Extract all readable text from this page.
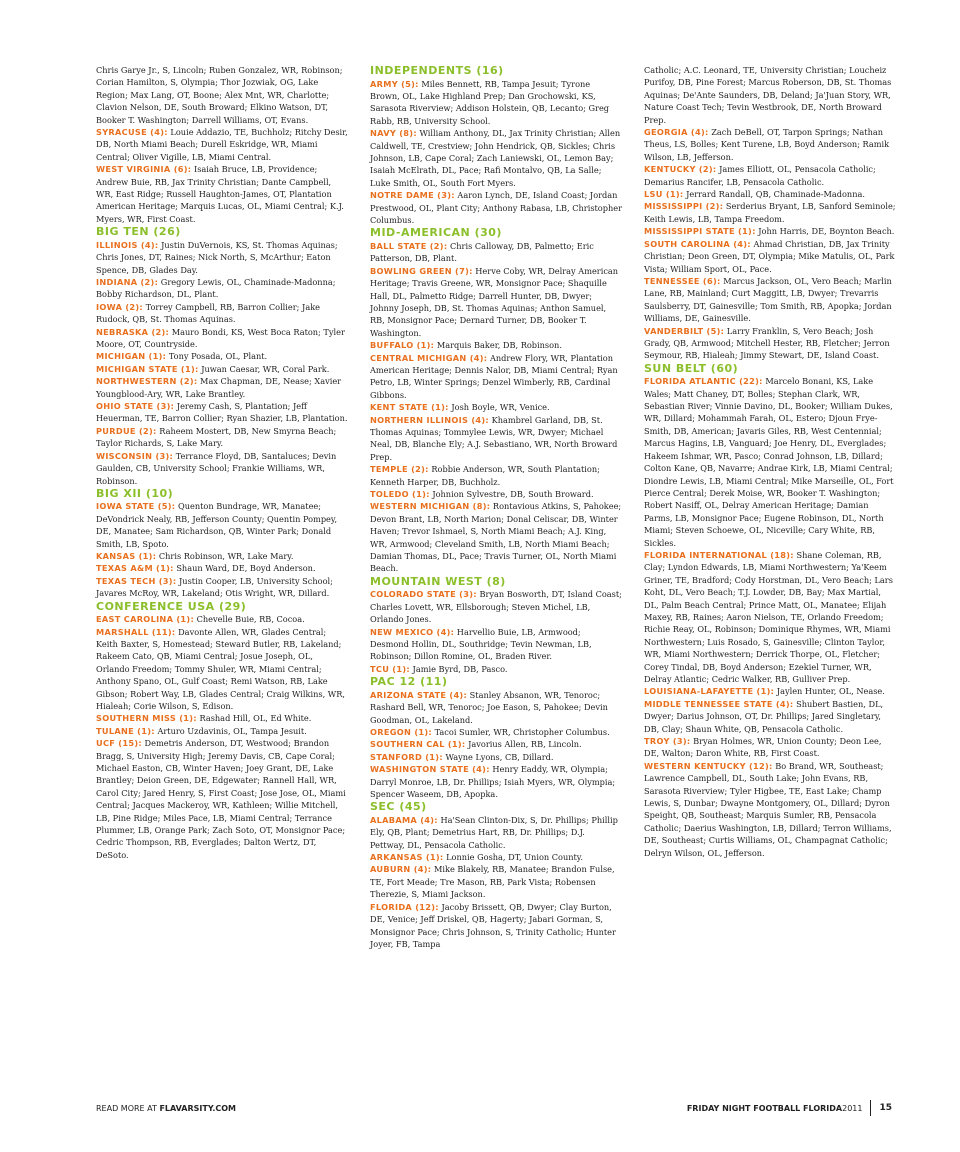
Chris Garye Jr., S, Lincoln; Ruben Gonzalez, WR, Robinson; Corian Hamilton, S, Olympia; Thor Jozwiak, OG, Lake Region; Max Lang, OT, Boone; Alex Mnt, WR, Charlotte; Clavion Nelson, DE, South Broward; Elkino Watson, DT, Booker T. Washington; Darrell Williams, OT, Evans.

SYRACUSE (4): Louie Addazio, TE, Buchholz; Ritchy Desir, DB, North Miami Beach; Durell Eskridge, WR, Miami Central; Oliver Vigille, LB, Miami Central.

WEST VIRGINIA (6): Isaiah Bruce, LB, Providence; Andrew Buie, RB, Jax Trinity Christian; Dante Campbell, WR, East Ridge; Russell Haughton-James, OT, Plantation American Heritage; Marquis Lucas, OL, Miami Central; K.J. Myers, WR, First Coast.

BIG TEN (26)

ILLINOIS (4): Justin DuVernois, KS, St. Thomas Aquinas; Chris Jones, DT, Raines; Nick North, S, McArthur; Eaton Spence, DB, Glades Day.

INDIANA (2): Gregory Lewis, OL, Chaminade-Madonna; Bobby Richardson, DL, Plant.

IOWA (2): Torrey Campbell, RB, Barron Collier; Jake Rudock, QB, St. Thomas Aquinas.

NEBRASKA (2): Mauro Bondi, KS, West Boca Raton; Tyler Moore, OT, Countryside.

MICHIGAN (1): Tony Posada, OL, Plant.

MICHIGAN STATE (1): Juwan Caesar, WR, Coral Park.

NORTHWESTERN (2): Max Chapman, DE, Nease; Xavier Youngblood-Ary, WR, Lake Brantley.

OHIO STATE (3): Jeremy Cash, S, Plantation; Jeff Heuerman, TE, Barron Collier; Ryan Shazier, LB, Plantation.

PURDUE (2): Raheem Mostert, DB, New Smyrna Beach; Taylor Richards, S, Lake Mary.

WISCONSIN (3): Terrance Floyd, DB, Santaluces; Devin Gaulden, CB, University School; Frankie Williams, WR, Robinson.

BIG XII (10)

IOWA STATE (5): Quenton Bundrage, WR, Manatee; DeVondrick Nealy, RB, Jefferson County; Quentin Pompey, DE, Manatee; Sam Richardson, QB, Winter Park; Donald Smith, LB, Spoto.

KANSAS (1): Chris Robinson, WR, Lake Mary.

TEXAS A&M (1): Shaun Ward, DE, Boyd Anderson.

TEXAS TECH (3): Justin Cooper, LB, University School; Javares McRoy, WR, Lakeland; Otis Wright, WR, Dillard.

CONFERENCE USA (29)

EAST CAROLINA (1): Chevelle Buie, RB, Cocoa.

MARSHALL (11): Davonte Allen, WR, Glades Central; Keith Baxter, S, Homestead; Steward Butler, RB, Lakeland; Rakeem Cato, QB, Miami Central; Josue Joseph, OL, Orlando Freedom; Tommy Shuler, WR, Miami Central; Anthony Spano, OL, Gulf Coast; Remi Watson, RB, Lake Gibson; Robert Way, LB, Glades Central; Craig Wilkins, WR, Hialeah; Corie Wilson, S, Edison.

SOUTHERN MISS (1): Rashad Hill, OL, Ed White.

TULANE (1): Arturo Uzdavinis, OL, Tampa Jesuit.

UCF (15): Demetris Anderson, DT, Westwood; Brandon Bragg, S, University High; Jeremy Davis, CB, Cape Coral; Michael Easton, CB, Winter Haven; Joey Grant, DE, Lake Brantley; Deion Green, DE, Edgewater; Rannell Hall, WR, Carol City; Jared Henry, S, First Coast; Jose Jose, OL, Miami Central; Jacques Mackeroy, WR, Kathleen; Willie Mitchell, LB, Pine Ridge; Miles Pace, LB, Miami Central; Terrance Plummer, LB, Orange Park; Zach Soto, OT, Monsignor Pace; Cedric Thompson, RB, Everglades; Dalton Wertz, DT, DeSoto.

INDEPENDENTS (16)

ARMY (5): Miles Bennett, RB, Tampa Jesuit; Tyrone Brown, OL, Lake Highland Prep; Dan Grochowski, KS, Sarasota Riverview; Addison Holstein, QB, Lecanto; Greg Rabb, RB, University School.

NAVY (8): William Anthony, DL, Jax Trinity Christian; Allen Caldwell, TE, Crestview; John Hendrick, QB, Sickles; Chris Johnson, LB, Cape Coral; Zach Laniewski, OL, Lemon Bay; Isaiah McElrath, DL, Pace; Rafi Montalvo, QB, La Salle; Luke Smith, OL, South Fort Myers.

NOTRE DAME (3): Aaron Lynch, DE, Island Coast; Jordan Prestwood, OL, Plant City; Anthony Rabasa, LB, Christopher Columbus.

MID-AMERICAN (30)

BALL STATE (2): Chris Calloway, DB, Palmetto; Eric Patterson, DB, Plant.

BOWLING GREEN (7): Herve Coby, WR, Delray American Heritage; Travis Greene, WR, Monsignor Pace; Shaquille Hall, DL, Palmetto Ridge; Darrell Hunter, DB, Dwyer; Johnny Joseph, DB, St. Thomas Aquinas; Anthon Samuel, RB, Monsignor Pace; Dernard Turner, DB, Booker T. Washington.

BUFFALO (1): Marquis Baker, DB, Robinson.

CENTRAL MICHIGAN (4): Andrew Flory, WR, Plantation American Heritage; Dennis Nalor, DB, Miami Central; Ryan Petro, LB, Winter Springs; Denzel Wimberly, RB, Cardinal Gibbons.

KENT STATE (1): Josh Boyle, WR, Venice.

NORTHERN ILLINOIS (4): Khambrel Garland, DB, St. Thomas Aquinas; Tommylee Lewis, WR, Dwyer; Michael Neal, DB, Blanche Ely; A.J. Sebastiano, WR, North Broward Prep.

TEMPLE (2): Robbie Anderson, WR, South Plantation; Kenneth Harper, DB, Buchholz.

TOLEDO (1): Johnion Sylvestre, DB, South Broward.

WESTERN MICHIGAN (8): Rontavious Atkins, S, Pahokee; Devon Brant, LB, North Marion; Donal Celiscar, DB, Winter Haven; Trevor Ishmael, S, North Miami Beach; A.J. King, WR, Armwood; Cleveland Smith, LB, North Miami Beach; Damian Thomas, DL, Pace; Travis Turner, OL, North Miami Beach.

MOUNTAIN WEST (8)

COLORADO STATE (3): Bryan Bosworth, DT, Island Coast; Charles Lovett, WR, Ellsborough; Steven Michel, LB, Orlando Jones.

NEW MEXICO (4): Harvellio Buie, LB, Armwood; Desmond Hollin, DL, Southridge; Tevin Newman, LB, Robinson; Dillon Romine, OL, Braden River.

TCU (1): Jamie Byrd, DB, Pasco.

PAC 12 (11)

ARIZONA STATE (4): Stanley Absanon, WR, Tenoroc; Rashard Bell, WR, Tenoroc; Joe Eason, S, Pahokee; Devin Goodman, OL, Lakeland.

OREGON (1): Tacoi Sumler, WR, Christopher Columbus.

SOUTHERN CAL (1): Javorius Allen, RB, Lincoln.

STANFORD (1): Wayne Lyons, CB, Dillard.

WASHINGTON STATE (4): Henry Eaddy, WR, Olympia; Darryl Monroe, LB, Dr. Phillips; Isiah Myers, WR, Olympia; Spencer Waseem, DB, Apopka.

SEC (45)

ALABAMA (4): Ha'Sean Clinton-Dix, S, Dr. Phillips; Phillip Ely, QB, Plant; Demetrius Hart, RB, Dr. Phillips; D.J. Pettway, DL, Pensacola Catholic.

ARKANSAS (1): Lonnie Gosha, DT, Union County.

AUBURN (4): Mike Blakely, RB, Manatee; Brandon Fulse, TE, Fort Meade; Tre Mason, RB, Park Vista; Robensen Therezie, S, Miami Jackson.

FLORIDA (12): Jacoby Brissett, QB, Dwyer; Clay Burton, DE, Venice; Jeff Driskel, QB, Hagerty; Jabari Gorman, S, Monsignor Pace; Chris Johnson, S, Trinity Catholic; Hunter Joyer, FB, Tampa

Catholic; A.C. Leonard, TE, University Christian; Loucheiz Purifoy, DB, Pine Forest; Marcus Roberson, DB, St. Thomas Aquinas; De'Ante Saunders, DB, Deland; Ja'Juan Story, WR, Nature Coast Tech; Tevin Westbrook, DE, North Broward Prep.

GEORGIA (4): Zach DeBell, OT, Tarpon Springs; Nathan Theus, LS, Bolles; Kent Turene, LB, Boyd Anderson; Ramik Wilson, LB, Jefferson.

KENTUCKY (2): James Elliott, OL, Pensacola Catholic; Demarius Rancifer, LB, Pensacola Catholic.

LSU (1): Jerrard Randall, QB, Chaminade-Madonna.

MISSISSIPPI (2): Serderius Bryant, LB, Sanford Seminole; Keith Lewis, LB, Tampa Freedom.

MISSISSIPPI STATE (1): John Harris, DE, Boynton Beach.

SOUTH CAROLINA (4): Ahmad Christian, DB, Jax Trinity Christian; Deon Green, DT, Olympia; Mike Matulis, OL, Park Vista; William Sport, OL, Pace.

TENNESSEE (6): Marcus Jackson, OL, Vero Beach; Marlin Lane, RB, Mainland; Curt Maggitt, LB, Dwyer; Trevarris Saulsberry, DT, Gainesville; Tom Smith, RB, Apopka; Jordan Williams, DE, Gainesville.

VANDERBILT (5): Larry Franklin, S, Vero Beach; Josh Grady, QB, Armwood; Mitchell Hester, RB, Fletcher; Jerron Seymour, RB, Hialeah; Jimmy Stewart, DE, Island Coast.

SUN BELT (60)

FLORIDA ATLANTIC (22): Marcelo Bonani, KS, Lake Wales; Matt Chaney, DT, Bolles; Stephan Clark, WR, Sebastian River; Vinnie Davino, DL, Booker; William Dukes, WR, Dillard; Mohammah Farah, OL, Estero; Djoun Frye-Smith, DB, American; Javaris Giles, RB, West Centennial; Marcus Hagins, LB, Vanguard; Joe Henry, DL, Everglades; Hakeem Ishmar, WR, Pasco; Conrad Johnson, LB, Dillard; Colton Kane, QB, Navarre; Andrae Kirk, LB, Miami Central; Diondre Lewis, LB, Miami Central; Mike Marseille, OL, Fort Pierce Central; Derek Moise, WR, Booker T. Washington; Robert Nasiff, OL, Delray American Heritage; Damian Parms, LB, Monsignor Pace; Eugene Robinson, DL, North Miami; Steven Schoewe, OL, Niceville; Cary White, RB, Sickles.

FLORIDA INTERNATIONAL (18): Shane Coleman, RB, Clay; Lyndon Edwards, LB, Miami Northwestern; Ya'Keem Griner, TE, Bradford; Cody Horstman, DL, Vero Beach; Lars Koht, DL, Vero Beach; T.J. Lowder, DB, Bay; Max Martial, DL, Palm Beach Central; Prince Matt, OL, Manatee; Elijah Maxey, RB, Raines; Aaron Nielson, TE, Orlando Freedom; Richie Reay, OL, Robinson; Dominique Rhymes, WR, Miami Northwestern; Luis Rosado, S, Gainesville; Clinton Taylor, WR, Miami Northwestern; Derrick Thorpe, OL, Fletcher; Corey Tindal, DB, Boyd Anderson; Ezekiel Turner, WR, Delray Atlantic; Cedric Walker, RB, Gulliver Prep.

LOUISIANA-LAFAYETTE (1): Jaylen Hunter, OL, Nease.

MIDDLE TENNESSEE STATE (4): Shubert Bastien, DL, Dwyer; Darius Johnson, OT, Dr. Phillips; Jared Singletary, DB, Clay; Shaun White, QB, Pensacola Catholic.

TROY (3): Bryan Holmes, WR, Union County; Deon Lee, DE, Walton; Daron White, RB, First Coast.

WESTERN KENTUCKY (12): Bo Brand, WR, Southeast; Lawrence Campbell, DL, South Lake; John Evans, RB, Sarasota Riverview; Tyler Higbee, TE, East Lake; Champ Lewis, S, Dunbar; Dwayne Montgomery, OL, Dillard; Dyron Speight, QB, Southeast; Marquis Sumler, RB, Pensacola Catholic; Daerius Washington, LB, Dillard; Terron Williams, DE, Southeast; Curtis Williams, OL, Champagnat Catholic; Delryn Wilson, OL, Jefferson.

READ MORE AT FLAVARSITY.COM	FRIDAY NIGHT FOOTBALL FLORIDA 2011 15
